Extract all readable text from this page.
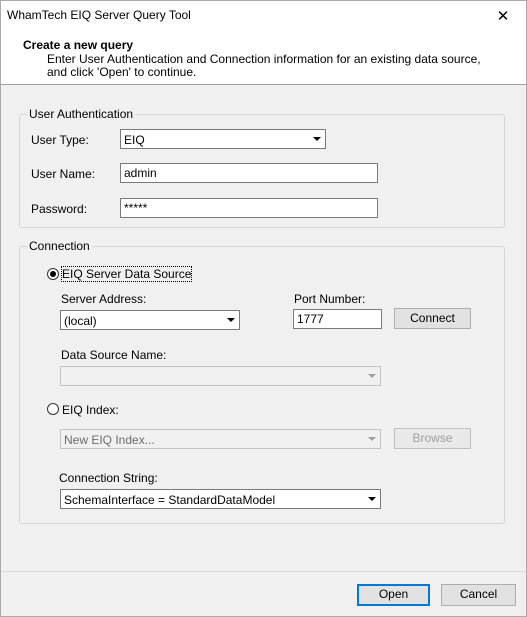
WhamTech EIQ Server Query Tool	✕
Create a new query
Enter User Authentication and Connection information for an existing data source, and click 'Open' to continue.
User Authentication
User Type:	EIQ
User Name:	admin
Password:	*****
Connection
EIQ Server Data Source
Server Address:
(local)
Port Number:
1777	Connect
Data Source Name:
EIQ Index:
New EIQ Index...	Browse
Connection String:
SchemaInterface = StandardDataModel
Open	Cancel
